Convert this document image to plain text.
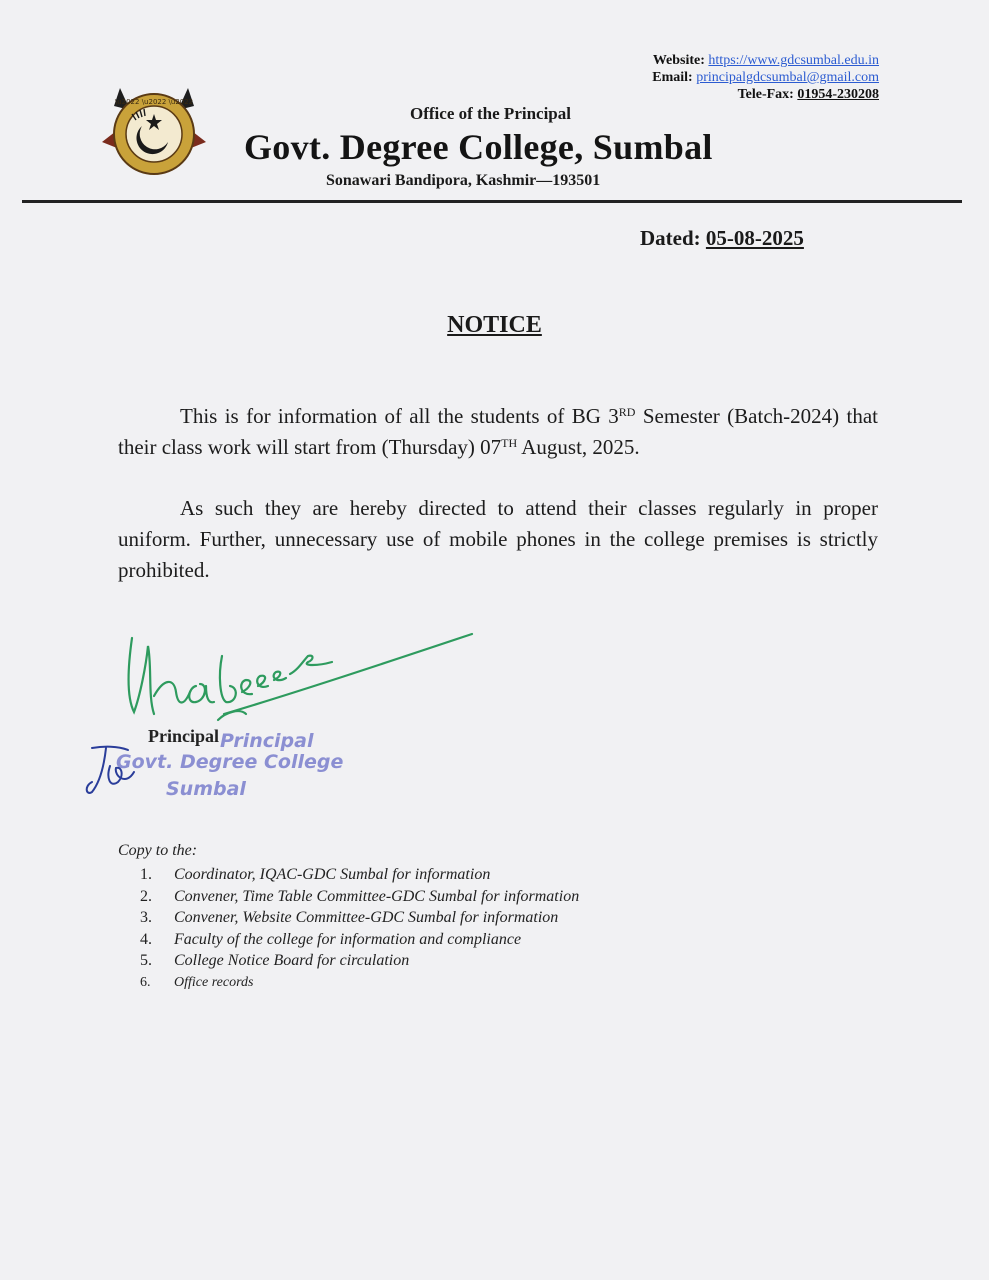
Website: https://www.gdcsumbal.edu.in
Email: principalgdcsumbal@gmail.com
Tele-Fax: 01954-230208
\u2022 \u2022 \u2022
Office of the Principal
Govt. Degree College, Sumbal
Sonawari Bandipora, Kashmir—193501
Dated: 05-08-2025
NOTICE
This is for information of all the students of BG 3RD Semester (Batch-2024) that their class work will start from (Thursday) 07TH August, 2025.
As such they are hereby directed to attend their classes regularly in proper uniform. Further, unnecessary use of mobile phones in the college premises is strictly prohibited.
Principal
Govt. Degree College
Sumbal
Principal
Copy to the:
1. Coordinator, IQAC-GDC Sumbal for information
2. Convener, Time Table Committee-GDC Sumbal for information
3. Convener, Website Committee-GDC Sumbal for information
4. Faculty of the college for information and compliance
5. College Notice Board for circulation
6. Office records
